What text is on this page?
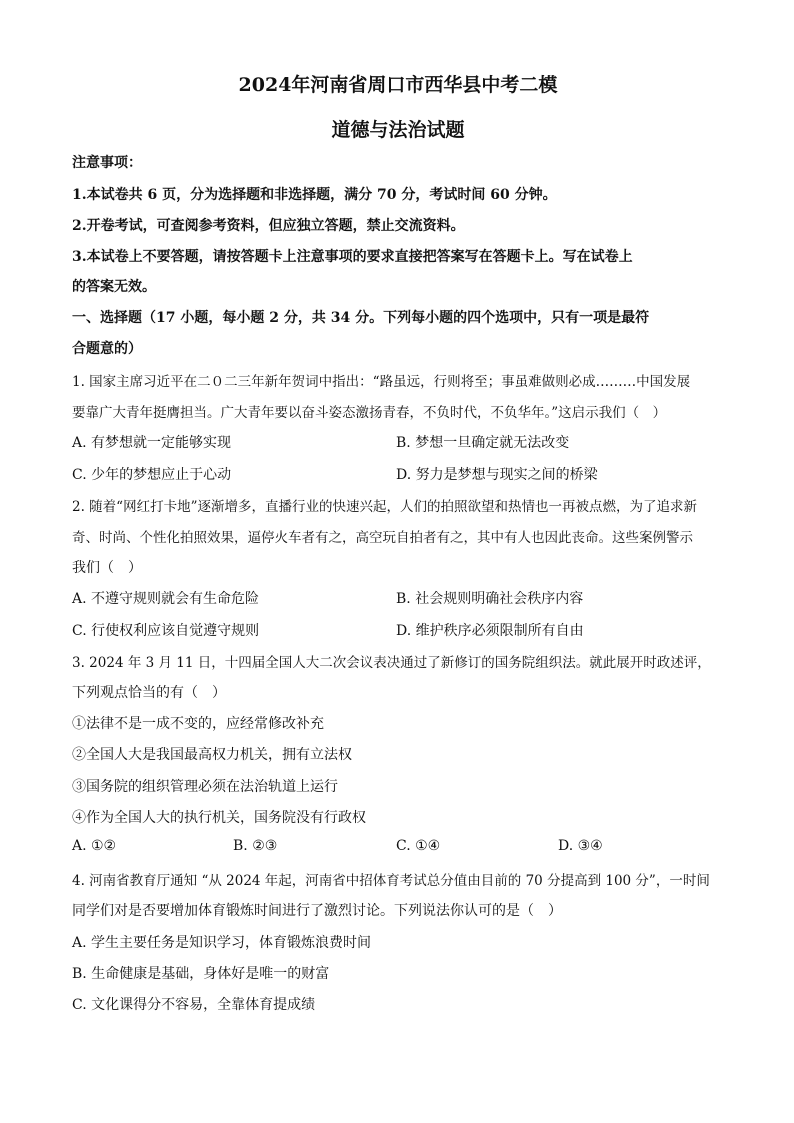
2024年河南省周口市西华县中考二模
道德与法治试题
注意事项：
1.本试卷共 6 页，分为选择题和非选择题，满分 70 分，考试时间 60 分钟。
2.开卷考试，可查阅参考资料，但应独立答题，禁止交流资料。
3.本试卷上不要答题，请按答题卡上注意事项的要求直接把答案写在答题卡上。写在试卷上
的答案无效。
一、选择题（17 小题，每小题 2 分，共 34 分。下列每小题的四个选项中，只有一项是最符
合题意的）
1. 国家主席习近平在二０二三年新年贺词中指出：“路虽远，行则将至；事虽难做则必成………中国发展
要靠广大青年挺膺担当。广大青年要以奋斗姿态激扬青春，不负时代，不负华年。”这启示我们（　）
A. 有梦想就一定能够实现	B. 梦想一旦确定就无法改变
C. 少年的梦想应止于心动	D. 努力是梦想与现实之间的桥梁
2. 随着“网红打卡地”逐渐增多，直播行业的快速兴起，人们的拍照欲望和热情也一再被点燃，为了追求新
奇、时尚、个性化拍照效果，逼停火车者有之，高空玩自拍者有之，其中有人也因此丧命。这些案例警示
我们（　）
A. 不遵守规则就会有生命危险	B. 社会规则明确社会秩序内容
C. 行使权利应该自觉遵守规则	D. 维护秩序必须限制所有自由
3. 2024 年 3 月 11 日，十四届全国人大二次会议表决通过了新修订的国务院组织法。就此展开时政述评，
下列观点恰当的有（　）
①法律不是一成不变的，应经常修改补充
②全国人大是我国最高权力机关，拥有立法权
③国务院的组织管理必须在法治轨道上运行
④作为全国人大的执行机关，国务院没有行政权
A. ①②	B. ②③	C. ①④	D. ③④
4. 河南省教育厅通知 “从 2024 年起，河南省中招体育考试总分值由目前的 70 分提高到 100 分”，一时间
同学们对是否要增加体育锻炼时间进行了激烈讨论。下列说法你认可的是（　）
A. 学生主要任务是知识学习，体育锻炼浪费时间
B. 生命健康是基础，身体好是唯一的财富
C. 文化课得分不容易，全靠体育提成绩
